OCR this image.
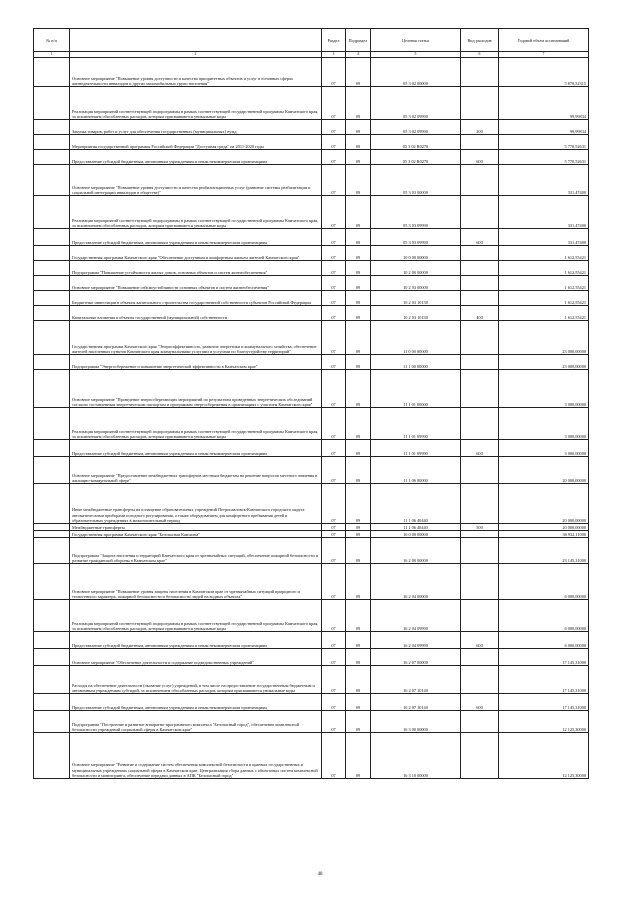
№ п/п		Раздел	Подраздел	Целевая статья	Вид расходов	Годовой объем ассигнований
1	2	3	4	5	6	7
	Основное мероприятие "Повышение уровня доступности и качества приоритетных объектов и услуг в основных сферах жизнедеятельности инвалидов и других маломобильных групп населения"	07	09	05 3 02 00000		5 870,52315
	Реализация мероприятий соответствующей подпрограммы в рамках соответствующей государственной программы Камчатского края, за исключением обособленных расходов, которым присваиваются уникальные коды	07	09	05 3 02 09990		99,99834
	Закупка товаров, работ и услуг для обеспечения государственных (муниципальных) нужд	07	09	05 3 02 09990	200	99,99834
	Мероприятия государственной программы Российской Федерации "Доступная среда" на 2011-2020 годы	07	09	05 3 02 R0270		5 770,52631
	Предоставление субсидий бюджетным, автономным учреждениям и иным некоммерческим организациям	07	09	05 3 02 R0270	600	5 770,52631
	Основное мероприятие "Повышение уровня доступности и качества реабилитационных услуг (развитие системы реабилитации и социальной интеграции инвалидов в обществе)"	07	09	05 3 03 00000		331,47400
	Реализация мероприятий соответствующей подпрограммы в рамках соответствующей государственной программы Камчатского края, за исключением обособленных расходов, которым присваиваются уникальные коды	07	09	05 3 03 09990		331,47400
	Предоставление субсидий бюджетным, автономным учреждениям и иным некоммерческим организациям	07	09	05 3 03 09990	600	331,47400
	Государственная программа Камчатского края "Обеспечение доступным и комфортным жильем жителей Камчатского края"	07	09	10 0 00 00000		1 612,55421
	Подпрограмма "Повышение устойчивости жилых домов, основных объектов и систем жизнеобеспечения"	07	09	10 2 00 00000		1 612,55421
	Основное мероприятие "Повышение сейсмоустойчивости основных объектов и систем жизнеобеспечения"	07	09	10 2 03 00000		1 612,55421
	Бюджетные инвестиции в объекты капитального строительства государственной собственности субъектов Российской Федерации	07	09	10 2 03 10130		1 612,55421
	Капитальные вложения в объекты государственной (муниципальной) собственности	07	09	10 2 03 10130	400	1 612,55421
	Государственная программа Камчатского края "Энергоэффективность, развитие энергетики и коммунального хозяйства, обеспечение жителей населенных пунктов Камчатского края коммунальными услугами и услугами по благоустройству территорий"	07	09	11 0 00 00000		23 000,00000
	Подпрограмма "Энергосбережение и повышение энергетической эффективности в Камчатском крае"	07	09	11 1 00 00000		23 000,00000
	Основное мероприятие "Проведение энергосберегающих мероприятий по результатам проведенных энергетических обследований согласно составленным энергетическим паспортам и программам энергосбережения в организациях с участием Камчатского края"	07	09	11 1 01 00000		3 000,00000
	Реализация мероприятий соответствующей подпрограммы в рамках соответствующей государственной программы Камчатского края, за исключением обособленных расходов, которым присваиваются уникальные коды	07	09	11 1 01 09990		3 000,00000
	Предоставление субсидий бюджетным, автономным учреждениям и иным некоммерческим организациям	07	09	11 1 01 09990	600	3 000,00000
	Основное мероприятие "Предоставление межбюджетных трансфертов местным бюджетам на решение вопросов местного значения в жилищно-коммунальной сфере"	07	09	11 1 06 00000		20 000,00000
	Иные межбюджетные трансферты на оснащение образовательных учреждений Петропавловск-Камчатского городского округа автоматическими приборами погодного регулирования, а также оборудованием для комфортного пребывания детей в образовательных учреждениях в межотопительный период	07	09	11 1 06 40440		20 000,00000
	Межбюджетные трансферты	07	09	11 1 06 40440	500	20 000,00000
	Государственная программа Камчатского края "Безопасная Камчатка"	07	09	16 0 00 00000		36 932,11000
	Подпрограмма "Защита населения и территорий Камчатского края от чрезвычайных ситуаций, обеспечение пожарной безопасности и развитие гражданской обороны в Камчатском крае"	07	09	16 2 00 00000		23 145,31000
	Основное мероприятие "Повышение уровня защиты населения в Камчатском крае от чрезвычайных ситуаций природного и техногенного характера, пожарной безопасности и безопасности людей на водных объектах"	07	09	16 2 04 00000		6 000,00000
	Реализация мероприятий соответствующей подпрограммы в рамках соответствующей государственной программы Камчатского края, за исключением обособленных расходов, которым присваиваются уникальные коды	07	09	16 2 04 09990		6 000,00000
	Предоставление субсидий бюджетным, автономным учреждениям и иным некоммерческим организациям	07	09	16 2 04 09990	600	6 000,00000
	Основное мероприятие "Обеспечение деятельности и содержание подведомственных учреждений"	07	09	16 2 07 00000		17 145,31000
	Расходы на обеспечение деятельности (оказание услуг) учреждений, в том числе на предоставление государственным бюджетным и автономным учреждениям субсидий, за исключением обособленных расходов, которым присваиваются уникальные коды	07	09	16 2 07 10140		17 145,31000
	Предоставление субсидий бюджетным, автономным учреждениям и иным некоммерческим организациям	07	09	16 2 07 10140	600	17 145,31000
	Подпрограмма "Построение и развитие аппаратно-программного комплекса "Безопасный город", обеспечение комплексной безопасности учреждений социальной сферы в Камчатском крае"	07	09	16 3 00 00000		12 125,30000
	Основное мероприятие "Развитие и содержание систем обеспечения комплексной безопасности в краевых государственных и муниципальных учреждениях социальной сферы в Камчатском крае. Централизация сбора данных с объектовых систем комплексной безопасности и мониторинга, обеспечение передачи данных в АПК "Безопасный город"	07	09	16 3 10 00000		12 125,30000
48
